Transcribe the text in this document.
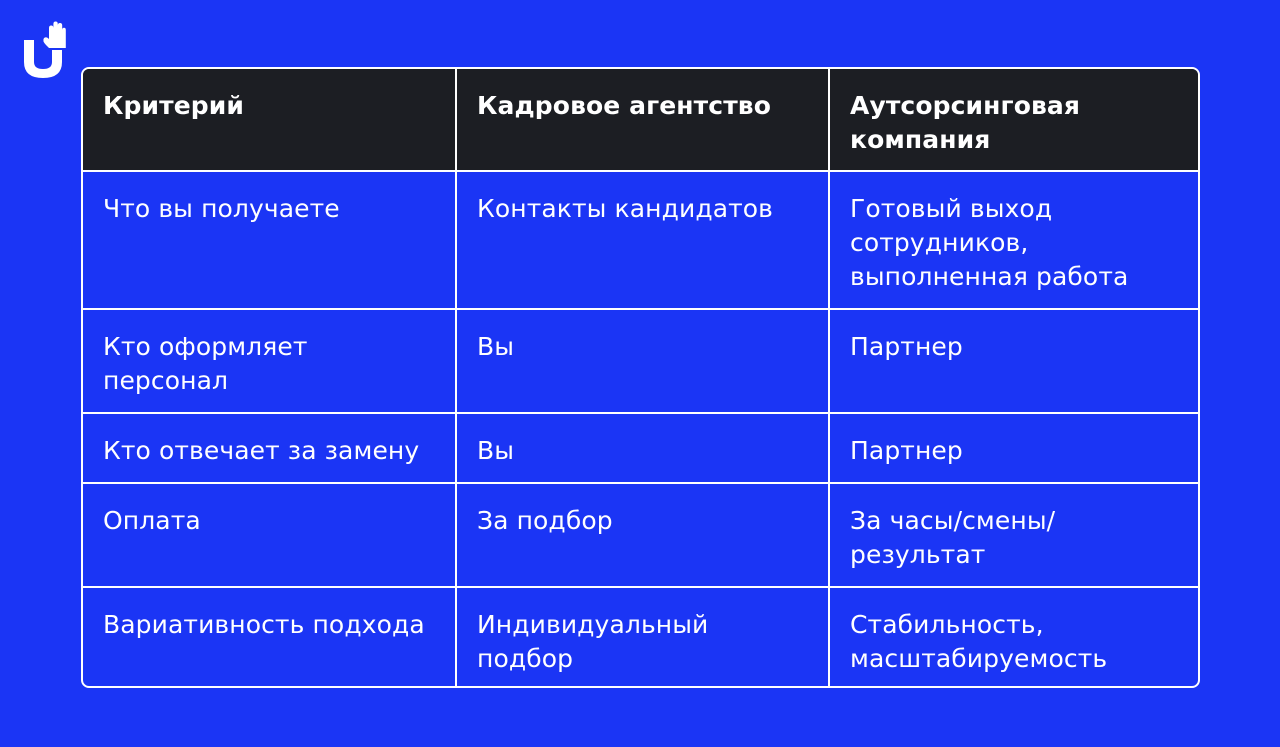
Критерий	Кадровое агентство	Аутсорсинговая компания
Что вы получаете	Контакты кандидатов	Готовый выход сотрудников, выполненная работа
Кто оформляет персонал	Вы	Партнер
Кто отвечает за замену	Вы	Партнер
Оплата	За подбор	За часы/смены/ результат
Вариативность подхода	Индивидуальный подбор	Стабильность, масштабируемость
